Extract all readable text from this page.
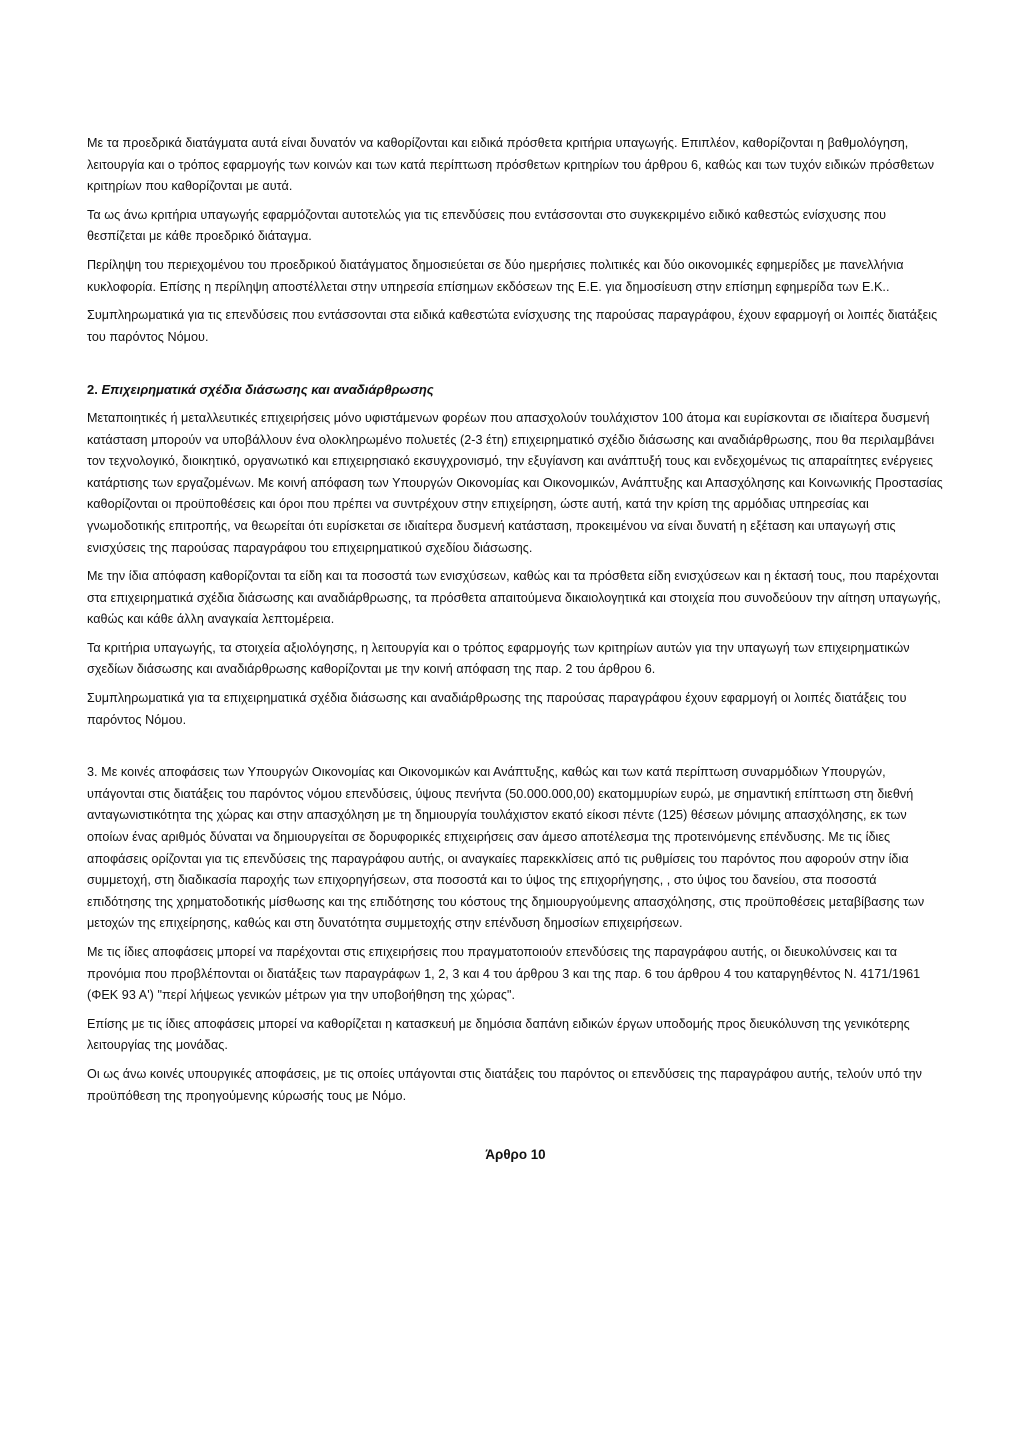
Με τα προεδρικά διατάγματα αυτά είναι δυνατόν να καθορίζονται και ειδικά πρόσθετα κριτήρια υπαγωγής. Επιπλέον, καθορίζονται η βαθμολόγηση, λειτουργία και ο τρόπος εφαρμογής των κοινών και των κατά περίπτωση πρόσθετων κριτηρίων του άρθρου 6, καθώς και των τυχόν ειδικών πρόσθετων κριτηρίων που καθορίζονται με αυτά.

Τα ως άνω κριτήρια υπαγωγής εφαρμόζονται αυτοτελώς για τις επενδύσεις που εντάσσονται στο συγκεκριμένο ειδικό καθεστώς ενίσχυσης που θεσπίζεται με κάθε προεδρικό διάταγμα.

Περίληψη του περιεχομένου του προεδρικού διατάγματος δημοσιεύεται σε δύο ημερήσιες πολιτικές και δύο οικονομικές εφημερίδες με πανελλήνια κυκλοφορία. Επίσης η περίληψη αποστέλλεται στην υπηρεσία επίσημων εκδόσεων της Ε.Ε. για δημοσίευση στην επίσημη εφημερίδα των Ε.Κ..

Συμπληρωματικά για τις επενδύσεις που εντάσσονται στα ειδικά καθεστώτα ενίσχυσης της παρούσας παραγράφου, έχουν εφαρμογή οι λοιπές διατάξεις του παρόντος Νόμου.

2. Επιχειρηματικά σχέδια διάσωσης και αναδιάρθρωσης

Μεταποιητικές ή μεταλλευτικές επιχειρήσεις μόνο υφιστάμενων φορέων που απασχολούν τουλάχιστον 100 άτομα και ευρίσκονται σε ιδιαίτερα δυσμενή κατάσταση μπορούν να υποβάλλουν ένα ολοκληρωμένο πολυετές (2-3 έτη) επιχειρηματικό σχέδιο διάσωσης και αναδιάρθρωσης, που θα περιλαμβάνει τον τεχνολογικό, διοικητικό, οργανωτικό και επιχειρησιακό εκσυγχρονισμό, την εξυγίανση και ανάπτυξή τους και ενδεχομένως τις απαραίτητες ενέργειες κατάρτισης των εργαζομένων. Με κοινή απόφαση των Υπουργών Οικονομίας και Οικονομικών, Ανάπτυξης και Απασχόλησης και Κοινωνικής Προστασίας καθορίζονται οι προϋποθέσεις και όροι που πρέπει να συντρέχουν στην επιχείρηση, ώστε αυτή, κατά την κρίση της αρμόδιας υπηρεσίας και γνωμοδοτικής επιτροπής, να θεωρείται ότι ευρίσκεται σε ιδιαίτερα δυσμενή κατάσταση, προκειμένου να είναι δυνατή η εξέταση και υπαγωγή στις ενισχύσεις της παρούσας παραγράφου του επιχειρηματικού σχεδίου διάσωσης.

Με την ίδια απόφαση καθορίζονται τα είδη και τα ποσοστά των ενισχύσεων, καθώς και τα πρόσθετα είδη ενισχύσεων και η έκτασή τους, που παρέχονται στα επιχειρηματικά σχέδια διάσωσης και αναδιάρθρωσης, τα πρόσθετα απαιτούμενα δικαιολογητικά και στοιχεία που συνοδεύουν την αίτηση υπαγωγής, καθώς και κάθε άλλη αναγκαία λεπτομέρεια.

Τα κριτήρια υπαγωγής, τα στοιχεία αξιολόγησης, η λειτουργία και ο τρόπος εφαρμογής των κριτηρίων αυτών για την υπαγωγή των επιχειρηματικών σχεδίων διάσωσης και αναδιάρθρωσης καθορίζονται με την κοινή απόφαση της παρ. 2 του άρθρου 6.

Συμπληρωματικά για τα επιχειρηματικά σχέδια διάσωσης και αναδιάρθρωσης της παρούσας παραγράφου έχουν εφαρμογή οι λοιπές διατάξεις του παρόντος Νόμου.

3. Με κοινές αποφάσεις των Υπουργών Οικονομίας και Οικονομικών και Ανάπτυξης, καθώς και των κατά περίπτωση συναρμόδιων Υπουργών, υπάγονται στις διατάξεις του παρόντος νόμου επενδύσεις, ύψους πενήντα (50.000.000,00) εκατομμυρίων ευρώ, με σημαντική επίπτωση στη διεθνή ανταγωνιστικότητα της χώρας και στην απασχόληση με τη δημιουργία τουλάχιστον εκατό είκοσι πέντε (125) θέσεων μόνιμης απασχόλησης, εκ των οποίων ένας αριθμός δύναται να δημιουργείται σε δορυφορικές επιχειρήσεις σαν άμεσο αποτέλεσμα της προτεινόμενης επένδυσης. Με τις ίδιες αποφάσεις ορίζονται για τις επενδύσεις της παραγράφου αυτής, οι αναγκαίες παρεκκλίσεις από τις ρυθμίσεις του παρόντος που αφορούν στην ίδια συμμετοχή, στη διαδικασία παροχής των επιχορηγήσεων, στα ποσοστά και το ύψος της επιχορήγησης, , στο ύψος του δανείου, στα ποσοστά επιδότησης της χρηματοδοτικής μίσθωσης και της επιδότησης του κόστους της δημιουργούμενης απασχόλησης, στις προϋποθέσεις μεταβίβασης των μετοχών της επιχείρησης, καθώς και στη δυνατότητα συμμετοχής στην επένδυση δημοσίων επιχειρήσεων.

Με τις ίδιες αποφάσεις μπορεί να παρέχονται στις επιχειρήσεις που πραγματοποιούν επενδύσεις της παραγράφου αυτής, οι διευκολύνσεις και τα προνόμια που προβλέπονται οι διατάξεις των παραγράφων 1, 2, 3 και 4 του άρθρου 3 και της παρ. 6 του άρθρου 4 του καταργηθέντος Ν. 4171/1961 (ΦΕΚ 93 Α') "περί λήψεως γενικών μέτρων για την υποβοήθηση της χώρας".

Επίσης με τις ίδιες αποφάσεις μπορεί να καθορίζεται η κατασκευή με δημόσια δαπάνη ειδικών έργων υποδομής προς διευκόλυνση της γενικότερης λειτουργίας της μονάδας.

Οι ως άνω κοινές υπουργικές αποφάσεις, με τις οποίες υπάγονται στις διατάξεις του παρόντος οι επενδύσεις της παραγράφου αυτής, τελούν υπό την προϋπόθεση της προηγούμενης κύρωσής τους με Νόμο.

Άρθρο 10
